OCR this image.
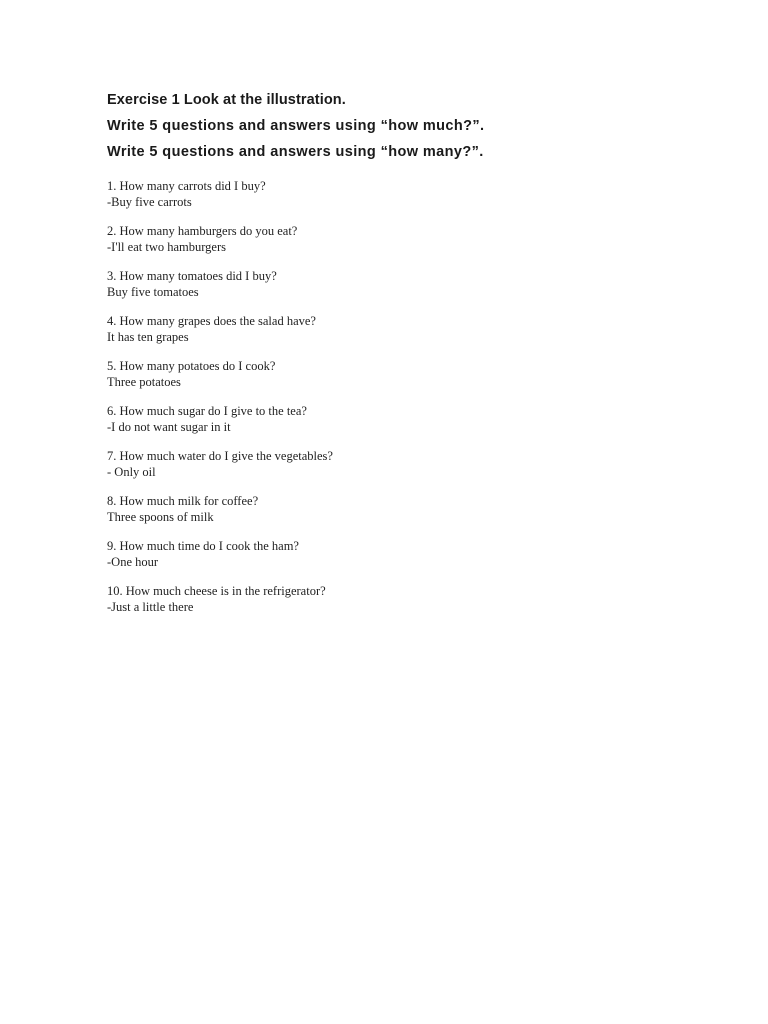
Exercise 1 Look at the illustration.

Write 5 questions and answers using “how much?”.

Write 5 questions and answers using “how many?”.

1. How many carrots did I buy?
-Buy five carrots
2. How many hamburgers do you eat?
-I'll eat two hamburgers
3. How many tomatoes did I buy?
Buy five tomatoes
4. How many grapes does the salad have?
It has ten grapes
5. How many potatoes do I cook?
Three potatoes
6. How much sugar do I give to the tea?
-I do not want sugar in it
7. How much water do I give the vegetables?
- Only oil
8. How much milk for coffee?
Three spoons of milk
9. How much time do I cook the ham?
-One hour
10. How much cheese is in the refrigerator?
-Just a little there
